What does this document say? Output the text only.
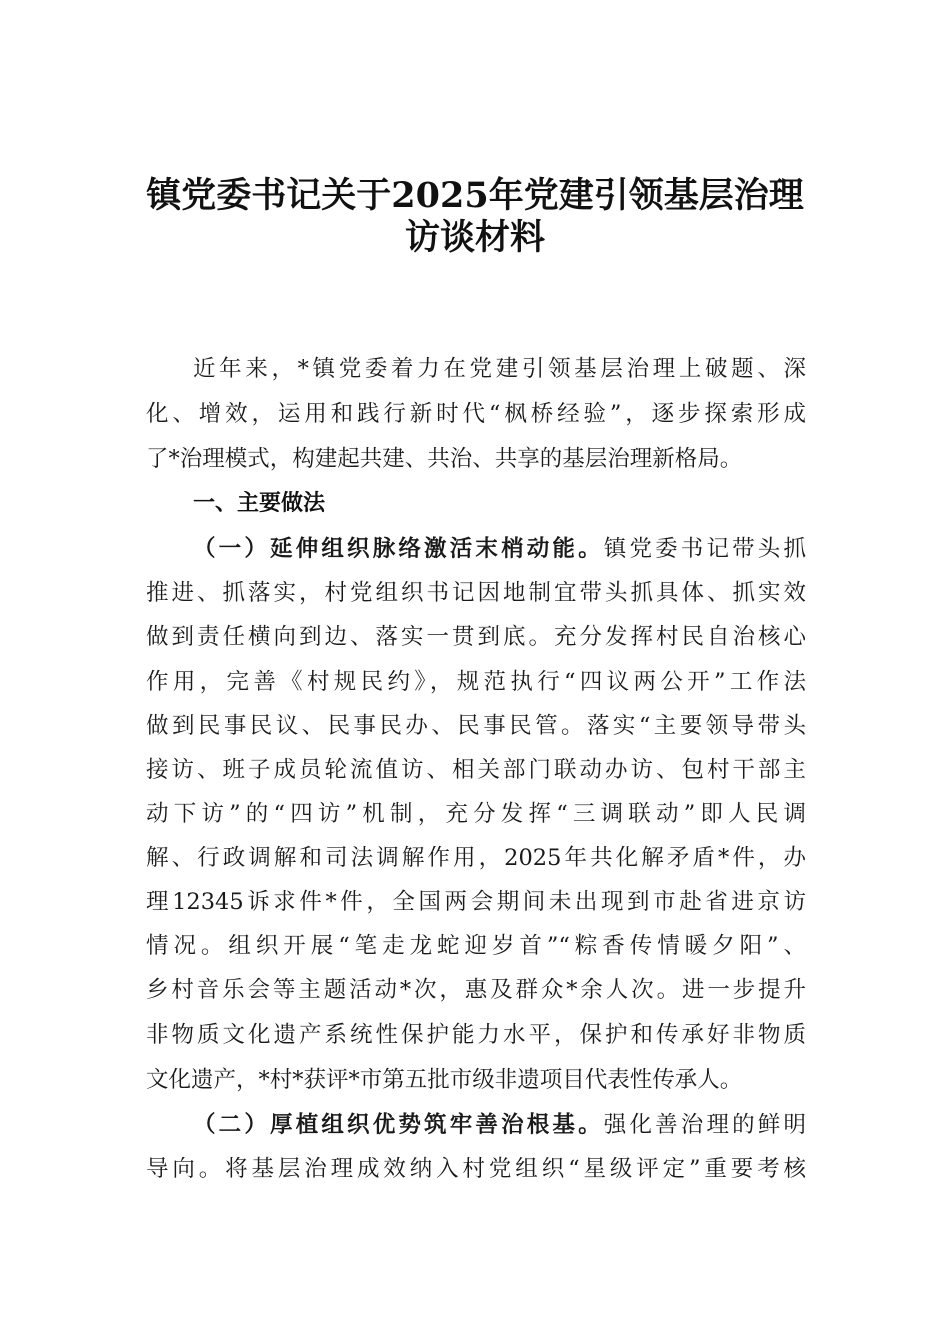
镇党委书记关于2025年党建引领基层治理
访谈材料
近年来，*镇党委着力在党建引领基层治理上破题、深
化、增效，运用和践行新时代“枫桥经验”，逐步探索形成
了*治理模式，构建起共建、共治、共享的基层治理新格局。
一、主要做法
（一）延伸组织脉络激活末梢动能。镇党委书记带头抓
推进、抓落实，村党组织书记因地制宜带头抓具体、抓实效
做到责任横向到边、落实一贯到底。充分发挥村民自治核心
作用，完善《村规民约》，规范执行“四议两公开”工作法
做到民事民议、民事民办、民事民管。落实“主要领导带头
接访、班子成员轮流值访、相关部门联动办访、包村干部主
动下访”的“四访”机制，充分发挥“三调联动”即人民调
解、行政调解和司法调解作用，2025年共化解矛盾*件，办
理12345诉求件*件，全国两会期间未出现到市赴省进京访
情况。组织开展“笔走龙蛇迎岁首”“粽香传情暖夕阳”、
乡村音乐会等主题活动*次，惠及群众*余人次。进一步提升
非物质文化遗产系统性保护能力水平，保护和传承好非物质
文化遗产，*村*获评*市第五批市级非遗项目代表性传承人。
（二）厚植组织优势筑牢善治根基。强化善治理的鲜明
导向。将基层治理成效纳入村党组织“星级评定”重要考核
